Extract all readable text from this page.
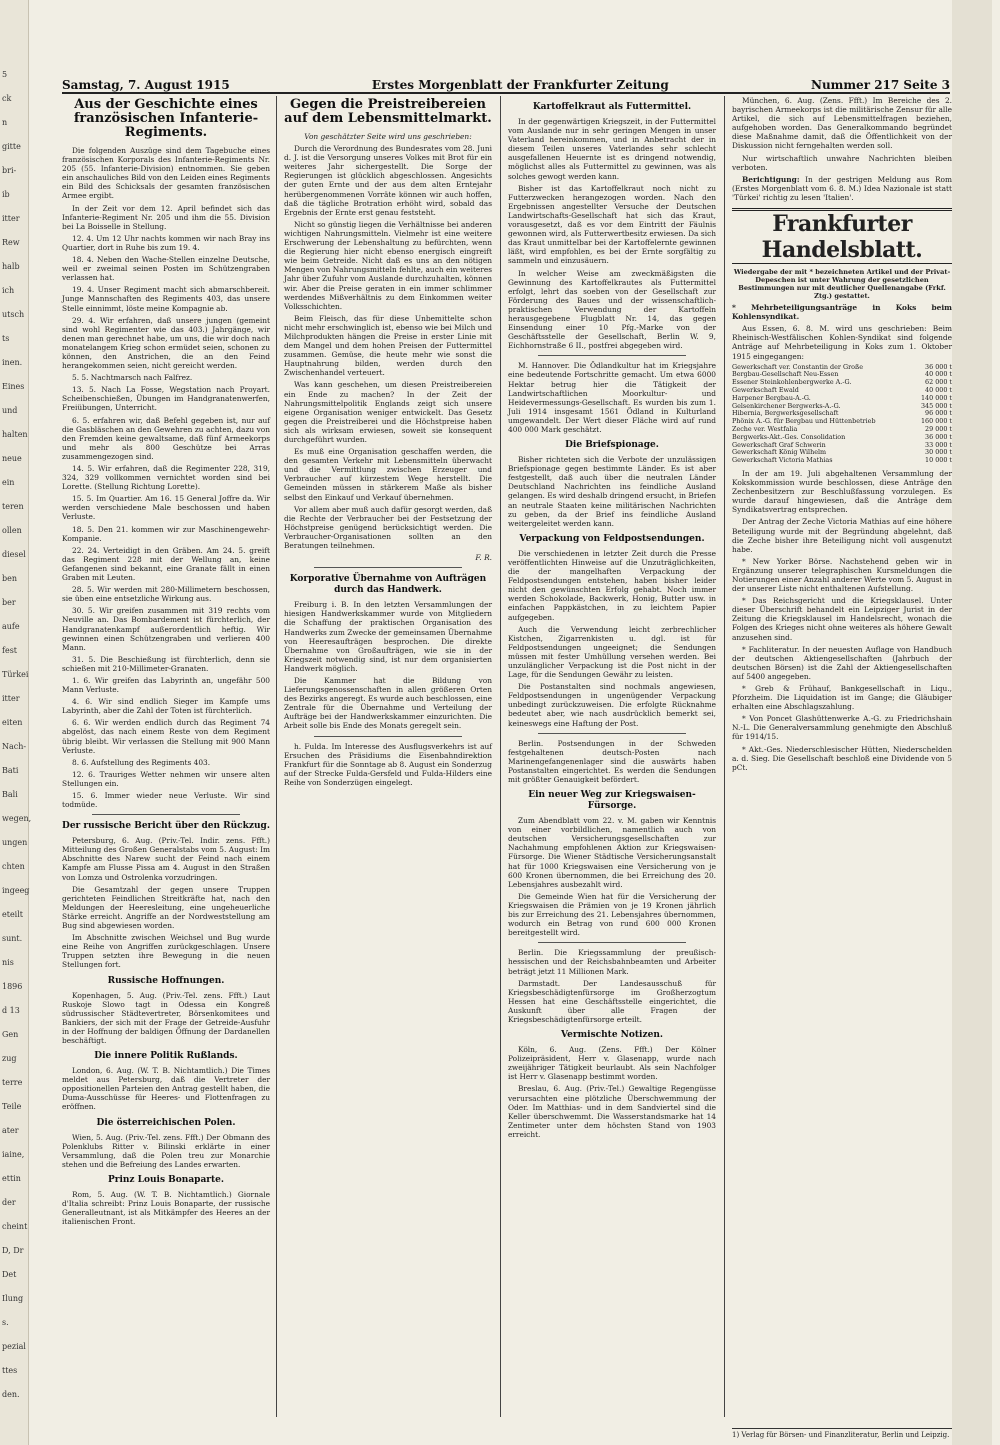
5
ck
n
gitte
bri-
ib
itter
Rew
halb
ich
utsch
ts
inen.
Eines
und
halten
neue
ein
teren
ollen
diesel
ben
ber
aufe
fest
Türkei
itter
eiten
Nach-
Bati
Bali
wegen,
ungen
chten
ingeeg
eteilt
sunt.
nis
1896
d 13
Gen
zug
terre
Teile
ater
iaine,
ettin
der
cheint
D, Dr
Det
Ilung
s.
pezial
ttes
den.
Samstag, 7. August 1915	Erstes Morgenblatt der Frankfurter Zeitung	Nummer 217 Seite 3
Aus der Geschichte eines französischen Infanterie-Regiments.

Die folgenden Auszüge sind dem Tagebuche eines französischen Korporals des Infanterie-Regiments Nr. 205 (55. Infanterie-Division) entnommen. Sie geben ein anschauliches Bild von den Leiden eines Regiments ein Bild des Schicksals der gesamten französischen Armee ergibt.

In der Zeit vor dem 12. April befindet sich das Infanterie-Regiment Nr. 205 und ihm die 55. Division bei La Boisselle in Stellung.

12. 4. Um 12 Uhr nachts kommen wir nach Bray ins Quartier, dort in Ruhe bis zum 19. 4.

18. 4. Neben den Wache-Stellen einzelne Deutsche, weil er zweimal seinen Posten im Schützengraben verlassen hat.

19. 4. Unser Regiment macht sich abmarschbereit. Junge Mannschaften des Regiments 403, das unsere Stelle einnimmt, löste meine Kompagnie ab.

29. 4. Wir erfahren, daß unsere jungen (gemeint sind wohl Regimenter wie das 403.) Jahrgänge, wir denen man gerechnet habe, um uns, die wir doch nach monatelangem Krieg schon ermüdet seien, schonen zu können, den Anstrichen, die an den Feind herangekommen seien, nicht gereicht werden.

5. 5. Nachtmarsch nach Falfrez.

13. 5. Nach La Fosse, Wegstation nach Proyart. Scheibenschießen, Übungen im Handgranatenwerfen, Freiübungen, Unterricht.

6. 5. erfahren wir, daß Befehl gegeben ist, nur auf die Gasbläschen an den Gewehren zu achten, dazu von den Fremden keine gewaltsame, daß fünf Armeekorps und mehr als 800 Geschütze bei Arras zusammengezogen sind.

14. 5. Wir erfahren, daß die Regimenter 228, 319, 324, 329 vollkommen vernichtet worden sind bei Lorette. (Stellung Richtung Lorette).

15. 5. Im Quartier. Am 16. 15 General Joffre da. Wir werden verschiedene Male beschossen und haben Verluste.

18. 5. Den 21. kommen wir zur Maschinengewehr-Kompanie.

22. 24. Verteidigt in den Gräben. Am 24. 5. greift das Regiment 228 mit der Wellung an, keine Gefangenen sind bekannt, eine Granate fällt in einen Graben mit Leuten.

28. 5. Wir werden mit 280-Millimetern beschossen, sie üben eine entsetzliche Wirkung aus.

30. 5. Wir greifen zusammen mit 319 rechts vom Neuville an. Das Bombardement ist fürchterlich, der Handgranatenkampf außerordentlich heftig. Wir gewinnen einen Schützengraben und verlieren 400 Mann.

31. 5. Die Beschießung ist fürchterlich, denn sie schießen mit 210-Millimeter-Granaten.

1. 6. Wir greifen das Labyrinth an, ungefähr 500 Mann Verluste.

4. 6. Wir sind endlich Sieger im Kampfe ums Labyrinth, aber die Zahl der Toten ist fürchterlich.

6. 6. Wir werden endlich durch das Regiment 74 abgelöst, das nach einem Reste von dem Regiment übrig bleibt. Wir verlassen die Stellung mit 900 Mann Verluste.

8. 6. Aufstellung des Regiments 403.

12. 6. Trauriges Wetter nehmen wir unsere alten Stellungen ein.

15. 6. Immer wieder neue Verluste. Wir sind todmüde.

Der russische Bericht über den Rückzug.

Petersburg, 6. Aug. (Priv.-Tel. Indir. zens. Ffft.) Mitteilung des Großen Generalstabs vom 5. August: Im Abschnitte des Narew sucht der Feind nach einem Kampfe am Flusse Pissa am 4. August in den Straßen von Lomza und Ostrolenka vorzudringen.

Die Gesamtzahl der gegen unsere Truppen gerichteten Feindlichen Streitkräfte hat, nach den Meldungen der Heeresleitung, eine ungeheuerliche Stärke erreicht. Angriffe an der Nordweststellung am Bug sind abgewiesen worden.

Im Abschnitte zwischen Weichsel und Bug wurde eine Reihe von Angriffen zurückgeschlagen. Unsere Truppen setzten ihre Bewegung in die neuen Stellungen fort.

Russische Hoffnungen.

Kopenhagen, 5. Aug. (Priv.-Tel. zens. Ffft.) Laut Ruskoje Slowo tagt in Odessa ein Kongreß südrussischer Städtevertreter, Börsenkomitees und Bankiers, der sich mit der Frage der Getreide-Ausfuhr in der Hoffnung der baldigen Öffnung der Dardanellen beschäftigt.

Die innere Politik Rußlands.

London, 6. Aug. (W. T. B. Nichtamtlich.) Die Times meldet aus Petersburg, daß die Vertreter der oppositionellen Parteien den Antrag gestellt haben, die Duma-Ausschüsse für Heeres- und Flottenfragen zu eröffnen.

Die österreichischen Polen.

Wien, 5. Aug. (Priv.-Tel. zens. Ffft.) Der Obmann des Polenklubs Ritter v. Bilinski erklärte in einer Versammlung, daß die Polen treu zur Monarchie stehen und die Befreiung des Landes erwarten.

Prinz Louis Bonaparte.

Rom, 5. Aug. (W. T. B. Nichtamtlich.) Giornale d'Italia schreibt: Prinz Louis Bonaparte, der russische Generalleutnant, ist als Mitkämpfer des Heeres an der italienischen Front.

Gegen die Preistreibereien auf dem Lebensmittelmarkt.

Von geschätzter Seite wird uns geschrieben:

Durch die Verordnung des Bundesrates vom 28. Juni d. J. ist die Versorgung unseres Volkes mit Brot für ein weiteres Jahr sichergestellt. Die Sorge der Regierungen ist glücklich abgeschlossen. Angesichts der guten Ernte und der aus dem alten Erntejahr herübergenommenen Vorräte können wir auch hoffen, daß die tägliche Brotration erhöht wird, sobald das Ergebnis der Ernte erst genau feststeht.

Nicht so günstig liegen die Verhältnisse bei anderen wichtigen Nahrungsmitteln. Vielmehr ist eine weitere Erschwerung der Lebenshaltung zu befürchten, wenn die Regierung hier nicht ebenso energisch eingreift wie beim Getreide. Nicht daß es uns an den nötigen Mengen von Nahrungsmitteln fehlte, auch ein weiteres Jahr über Zufuhr vom Auslande durchzuhalten, können wir. Aber die Preise geraten in ein immer schlimmer werdendes Mißverhältnis zu dem Einkommen weiter Volksschichten.

Beim Fleisch, das für diese Unbemittelte schon nicht mehr erschwinglich ist, ebenso wie bei Milch und Milchprodukten hängen die Preise in erster Linie mit dem Mangel und dem hohen Preisen der Futtermittel zusammen. Gemüse, die heute mehr wie sonst die Hauptnahrung bilden, werden durch den Zwischenhandel verteuert.

Was kann geschehen, um diesen Preistreibereien ein Ende zu machen? In der Zeit der Nahrungsmittelpolitik Englands zeigt sich unsere eigene Organisation weniger entwickelt. Das Gesetz gegen die Preistreiberei und die Höchstpreise haben sich als wirksam erwiesen, soweit sie konsequent durchgeführt wurden.

Es muß eine Organisation geschaffen werden, die den gesamten Verkehr mit Lebensmitteln überwacht und die Vermittlung zwischen Erzeuger und Verbraucher auf kürzestem Wege herstellt. Die Gemeinden müssen in stärkerem Maße als bisher selbst den Einkauf und Verkauf übernehmen.

Vor allem aber muß auch dafür gesorgt werden, daß die Rechte der Verbraucher bei der Festsetzung der Höchstpreise genügend berücksichtigt werden. Die Verbraucher-Organisationen sollten an den Beratungen teilnehmen.

F. R.

Korporative Übernahme von Aufträgen durch das Handwerk.

Freiburg i. B. In den letzten Versammlungen der hiesigen Handwerkskammer wurde von Mitgliedern die Schaffung der praktischen Organisation des Handwerks zum Zwecke der gemeinsamen Übernahme von Heeresaufträgen besprochen. Die direkte Übernahme von Großaufträgen, wie sie in der Kriegszeit notwendig sind, ist nur dem organisierten Handwerk möglich.

Die Kammer hat die Bildung von Lieferungsgenossenschaften in allen größeren Orten des Bezirks angeregt. Es wurde auch beschlossen, eine Zentrale für die Übernahme und Verteilung der Aufträge bei der Handwerkskammer einzurichten. Die Arbeit solle bis Ende des Monats geregelt sein.

h. Fulda. Im Interesse des Ausflugsverkehrs ist auf Ersuchen des Präsidiums die Eisenbahndirektion Frankfurt für die Sonntage ab 8. August ein Sonderzug auf der Strecke Fulda-Gersfeld und Fulda-Hilders eine Reihe von Sonderzügen eingelegt.

Kartoffelkraut als Futtermittel.

In der gegenwärtigen Kriegszeit, in der Futtermittel vom Auslande nur in sehr geringen Mengen in unser Vaterland hereinkommen, und in Anbetracht der in diesem Teilen unseres Vaterlandes sehr schlecht ausgefallenen Heuernte ist es dringend notwendig, möglichst alles als Futtermittel zu gewinnen, was als solches gewogt werden kann.

Bisher ist das Kartoffelkraut noch nicht zu Futterzwecken herangezogen worden. Nach den Ergebnissen angestellter Versuche der Deutschen Landwirtschafts-Gesellschaft hat sich das Kraut, vorausgesetzt, daß es vor dem Eintritt der Fäulnis gewonnen wird, als Futterwertbesitz erwiesen. Da sich das Kraut unmittelbar bei der Kartoffelernte gewinnen läßt, wird empfohlen, es bei der Ernte sorgfältig zu sammeln und einzusäuern.

In welcher Weise am zweckmäßigsten die Gewinnung des Kartoffelkrautes als Futtermittel erfolgt, lehrt das soeben von der Gesellschaft zur Förderung des Baues und der wissenschaftlich-praktischen Verwendung der Kartoffeln herausgegebene Flugblatt Nr. 14, das gegen Einsendung einer 10 Pfg.-Marke von der Geschäftsstelle der Gesellschaft, Berlin W. 9, Eichhornstraße 6 II., postfrei abgegeben wird.

M. Hannover. Die Ödlandkultur hat im Kriegsjahre eine bedeutende Fortschritte gemacht. Um etwa 6000 Hektar betrug hier die Tätigkeit der Landwirtschaftlichen Moorkultur- und Heidevermessungs-Gesellschaft. Es wurden bis zum 1. Juli 1914 insgesamt 1561 Ödland in Kulturland umgewandelt. Der Wert dieser Fläche wird auf rund 400 000 Mark geschätzt.

Die Briefspionage.

Bisher richteten sich die Verbote der unzulässigen Briefspionage gegen bestimmte Länder. Es ist aber festgestellt, daß auch über die neutralen Länder Deutschland Nachrichten ins feindliche Ausland gelangen. Es wird deshalb dringend ersucht, in Briefen an neutrale Staaten keine militärischen Nachrichten zu geben, da der Brief ins feindliche Ausland weitergeleitet werden kann.

Verpackung von Feldpostsendungen.

Die verschiedenen in letzter Zeit durch die Presse veröffentlichten Hinweise auf die Unzuträglichkeiten, die der mangelhaften Verpackung der Feldpostsendungen entstehen, haben bisher leider nicht den gewünschten Erfolg gehabt. Noch immer werden Schokolade, Backwerk, Honig, Butter usw. in einfachen Pappkästchen, in zu leichtem Papier aufgegeben.

Auch die Verwendung leicht zerbrechlicher Kistchen, Zigarrenkisten u. dgl. ist für Feldpostsendungen ungeeignet; die Sendungen müssen mit fester Umhüllung versehen werden. Bei unzulänglicher Verpackung ist die Post nicht in der Lage, für die Sendungen Gewähr zu leisten.

Die Postanstalten sind nochmals angewiesen, Feldpostsendungen in ungenügender Verpackung unbedingt zurückzuweisen. Die erfolgte Rücknahme bedeutet aber, wie nach ausdrücklich bemerkt sei, keineswegs eine Haftung der Post.

Berlin. Postsendungen in der Schweden festgehaltenen deutsch-Posten nach Marinengefangenenlager sind die auswärts haben Postanstalten eingerichtet. Es werden die Sendungen mit größter Genauigkeit befördert.

Ein neuer Weg zur Kriegswaisen-Fürsorge.

Zum Abendblatt vom 22. v. M. gaben wir Kenntnis von einer vorbildlichen, namentlich auch von deutschen Versicherungsgesellschaften zur Nachahmung empfohlenen Aktion zur Kriegswaisen-Fürsorge. Die Wiener Städtische Versicherungsanstalt hat für 1000 Kriegswaisen eine Versicherung von je 600 Kronen übernommen, die bei Erreichung des 20. Lebensjahres ausbezahlt wird.

Die Gemeinde Wien hat für die Versicherung der Kriegswaisen die Prämien von je 19 Kronen jährlich bis zur Erreichung des 21. Lebensjahres übernommen, wodurch ein Betrag von rund 600 000 Kronen bereitgestellt wird.

Berlin. Die Kriegssammlung der preußisch-hessischen und der Reichsbahnbeamten und Arbeiter beträgt jetzt 11 Millionen Mark.

Darmstadt. Der Landesausschuß für Kriegsbeschädigtenfürsorge im Großherzogtum Hessen hat eine Geschäftsstelle eingerichtet, die Auskunft über alle Fragen der Kriegsbeschädigtenfürsorge erteilt.

Vermischte Notizen.

Köln, 6. Aug. (Zens. Ffft.) Der Kölner Polizeipräsident, Herr v. Glasenapp, wurde nach zweijähriger Tätigkeit beurlaubt. Als sein Nachfolger ist Herr v. Glasenapp bestimmt worden.

Breslau, 6. Aug. (Priv.-Tel.) Gewaltige Regengüsse verursachten eine plötzliche Überschwemmung der Oder. Im Matthias- und in dem Sandviertel sind die Keller überschwemmt. Die Wasserstandsmarke hat 14 Zentimeter unter dem höchsten Stand von 1903 erreicht.

München, 6. Aug. (Zens. Ffft.) Im Bereiche des 2. bayrischen Armeekorps ist die militärische Zensur für alle Artikel, die sich auf Lebensmittelfragen beziehen, aufgehoben worden. Das Generalkommando begründet diese Maßnahme damit, daß die Öffentlichkeit von der Diskussion nicht ferngehalten werden soll.

Nur wirtschaftlich unwahre Nachrichten bleiben verboten.

Berichtigung: In der gestrigen Meldung aus Rom (Erstes Morgenblatt vom 6. 8. M.) Idea Nazionale ist statt 'Türkei' richtig zu lesen 'Italien'.

Frankfurter Handelsblatt.

Wiedergabe der mit * bezeichneten Artikel und der Privat-Depeschen ist unter Wahrung der gesetzlichen Bestimmungen nur mit deutlicher Quellenangabe (Frkf. Ztg.) gestattet.

* Mehrbeteiligungsanträge in Koks beim Kohlensyndikat.

Aus Essen, 6. 8. M. wird uns geschrieben: Beim Rheinisch-Westfälischen Kohlen-Syndikat sind folgende Anträge auf Mehrbeteiligung in Koks zum 1. Oktober 1915 eingegangen:

Gewerkschaft ver. Constantin der Große	36 000 t
Bergbau-Gesellschaft Neu-Essen	40 000 t
Essener Steinkohlenbergwerke A.-G.	62 000 t
Gewerkschaft Ewald	40 000 t
Harpener Bergbau-A.-G.	140 000 t
Gelsenkirchener Bergwerks-A.-G.	345 000 t
Hibernia, Bergwerksgesellschaft	96 000 t
Phönix A.-G. für Bergbau und Hüttenbetrieb	160 000 t
Zeche ver. Westfalia	29 000 t
Bergwerks-Akt.-Ges. Consolidation	36 000 t
Gewerkschaft Graf Schwerin	33 000 t
Gewerkschaft König Wilhelm	30 000 t
Gewerkschaft Victoria Mathias	10 000 t

In der am 19. Juli abgehaltenen Versammlung der Kokskommission wurde beschlossen, diese Anträge den Zechenbesitzern zur Beschlußfassung vorzulegen. Es wurde darauf hingewiesen, daß die Anträge dem Syndikatsvertrag entsprechen.

Der Antrag der Zeche Victoria Mathias auf eine höhere Beteiligung wurde mit der Begründung abgelehnt, daß die Zeche bisher ihre Beteiligung nicht voll ausgenutzt habe.

* New Yorker Börse. Nachstehend geben wir in Ergänzung unserer telegraphischen Kursmeldungen die Notierungen einer Anzahl anderer Werte vom 5. August in der unserer Liste nicht enthaltenen Aufstellung.

* Das Reichsgericht und die Kriegsklausel. Unter dieser Überschrift behandelt ein Leipziger Jurist in der Zeitung die Kriegsklausel im Handelsrecht, wonach die Folgen des Krieges nicht ohne weiteres als höhere Gewalt anzusehen sind.

* Fachliteratur. In der neuesten Auflage von Handbuch der deutschen Aktiengesellschaften (Jahrbuch der deutschen Börsen) ist die Zahl der Aktiengesellschaften auf 5400 angegeben.

* Greb & Frühauf, Bankgesellschaft in Liqu., Pforzheim. Die Liquidation ist im Gange; die Gläubiger erhalten eine Abschlagszahlung.

* Von Poncet Glashüttenwerke A.-G. zu Friedrichshain N.-L. Die Generalversammlung genehmigte den Abschluß für 1914/15.

* Akt.-Ges. Niederschlesischer Hütten, Niederschelden a. d. Sieg. Die Gesellschaft beschloß eine Dividende von 5 pCt.

1) Verlag für Börsen- und Finanzliteratur, Berlin und Leipzig.
